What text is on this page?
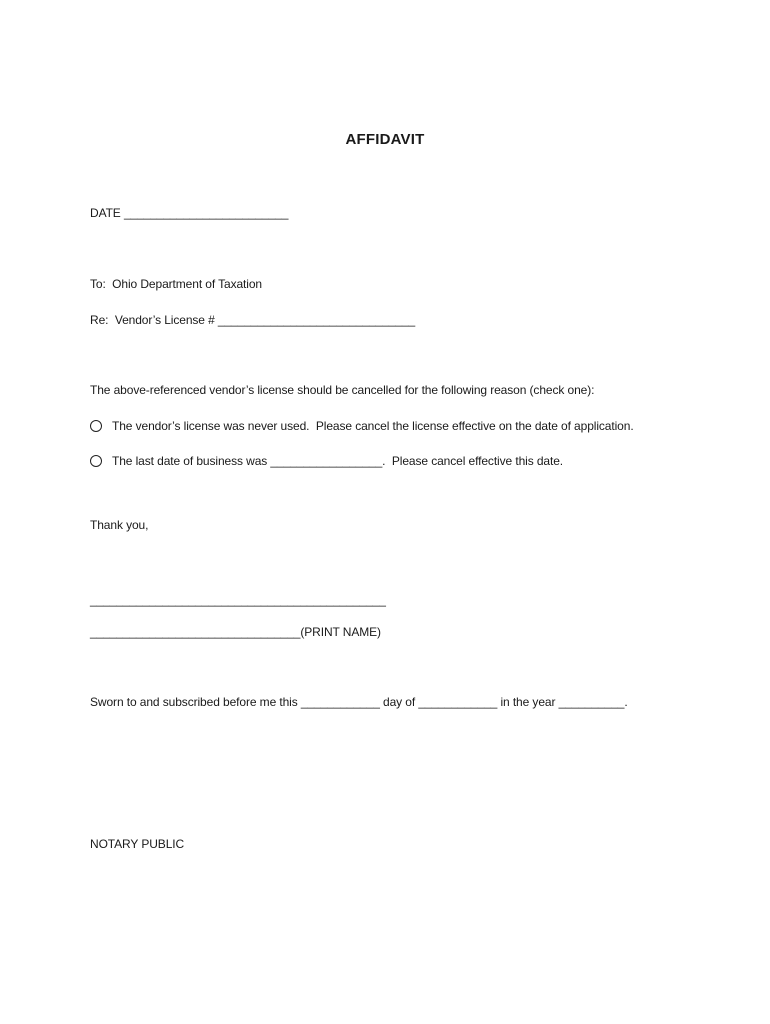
AFFIDAVIT
DATE _________________________
To:  Ohio Department of Taxation
Re:  Vendor’s License # ______________________________
The above-referenced vendor’s license should be cancelled for the following reason (check one):
The vendor’s license was never used.  Please cancel the license effective on the date of application.
The last date of business was _________________.  Please cancel effective this date.
Thank you,
_____________________________________________
________________________________(PRINT NAME)
Sworn to and subscribed before me this ____________ day of ____________ in the year __________.
NOTARY PUBLIC
